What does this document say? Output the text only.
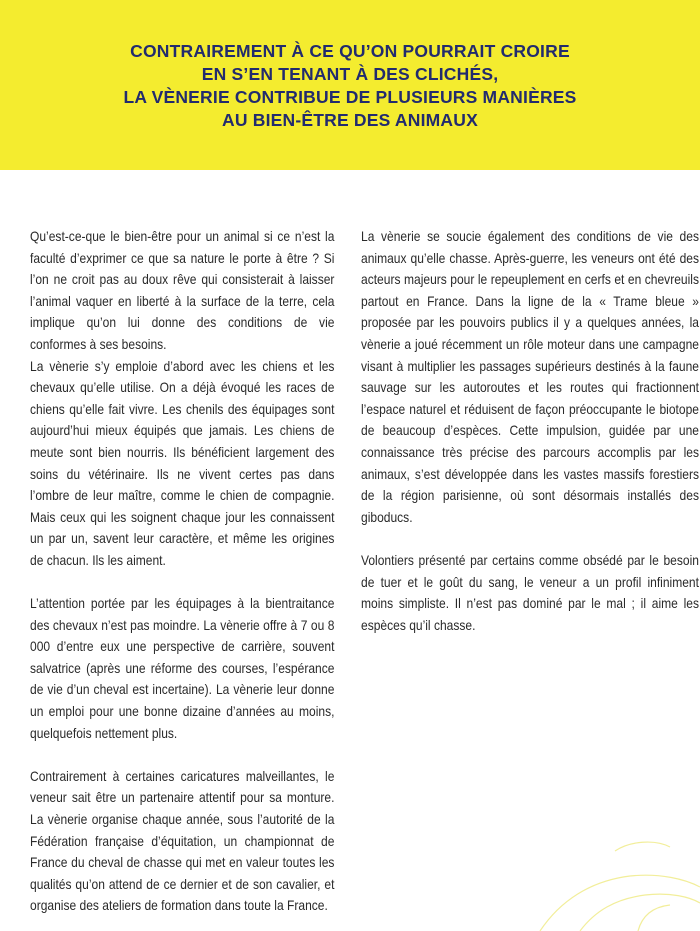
CONTRAIREMENT À CE QU’ON POURRAIT CROIRE
EN S’EN TENANT À DES CLICHÉS,
LA VÈNERIE CONTRIBUE DE PLUSIEURS MANIÈRES
AU BIEN-ÊTRE DES ANIMAUX

Qu’est-ce-que le bien-être pour un animal si ce n’est la faculté d’exprimer ce que sa nature le porte à être ? Si l’on ne croit pas au doux rêve qui consisterait à laisser l’animal vaquer en liberté à la surface de la terre, cela implique qu’on lui donne des conditions de vie conformes à ses besoins.

La vènerie s’y emploie d’abord avec les chiens et les chevaux qu’elle utilise. On a déjà évoqué les races de chiens qu’elle fait vivre. Les chenils des équipages sont aujourd’hui mieux équipés que jamais. Les chiens de meute sont bien nourris. Ils bénéficient largement des soins du vétérinaire. Ils ne vivent certes pas dans l’ombre de leur maître, comme le chien de compagnie. Mais ceux qui les soignent chaque jour les connaissent un par un, savent leur caractère, et même les origines de chacun. Ils les aiment.

L’attention portée par les équipages à la bientraitance des chevaux n’est pas moindre. La vènerie offre à 7 ou 8 000 d’entre eux une perspective de carrière, souvent salvatrice (après une réforme des courses, l’espérance de vie d’un cheval est incertaine). La vènerie leur donne un emploi pour une bonne dizaine d’années au moins, quelquefois nettement plus.

Contrairement à certaines caricatures malveillantes, le veneur sait être un partenaire attentif pour sa monture. La vènerie organise chaque année, sous l’autorité de la Fédération française d’équitation, un championnat de France du cheval de chasse qui met en valeur toutes les qualités qu’on attend de ce dernier et de son cavalier, et organise des ateliers de formation dans toute la France.

La vènerie se soucie également des conditions de vie des animaux qu’elle chasse. Après-guerre, les veneurs ont été des acteurs majeurs pour le repeuplement en cerfs et en chevreuils partout en France. Dans la ligne de la « Trame bleue » proposée par les pouvoirs publics il y a quelques années, la vènerie a joué récemment un rôle moteur dans une campagne visant à multiplier les passages supérieurs destinés à la faune sauvage sur les autoroutes et les routes qui fractionnent l’espace naturel et réduisent de façon préoccupante le biotope de beaucoup d’espèces. Cette impulsion, guidée par une connaissance très précise des parcours accomplis par les animaux, s’est développée dans les vastes massifs forestiers de la région parisienne, où sont désormais installés des giboducs.

Volontiers présenté par certains comme obsédé par le besoin de tuer et le goût du sang, le veneur a un profil infiniment moins simpliste. Il n’est pas dominé par le mal ; il aime les espèces qu’il chasse.
